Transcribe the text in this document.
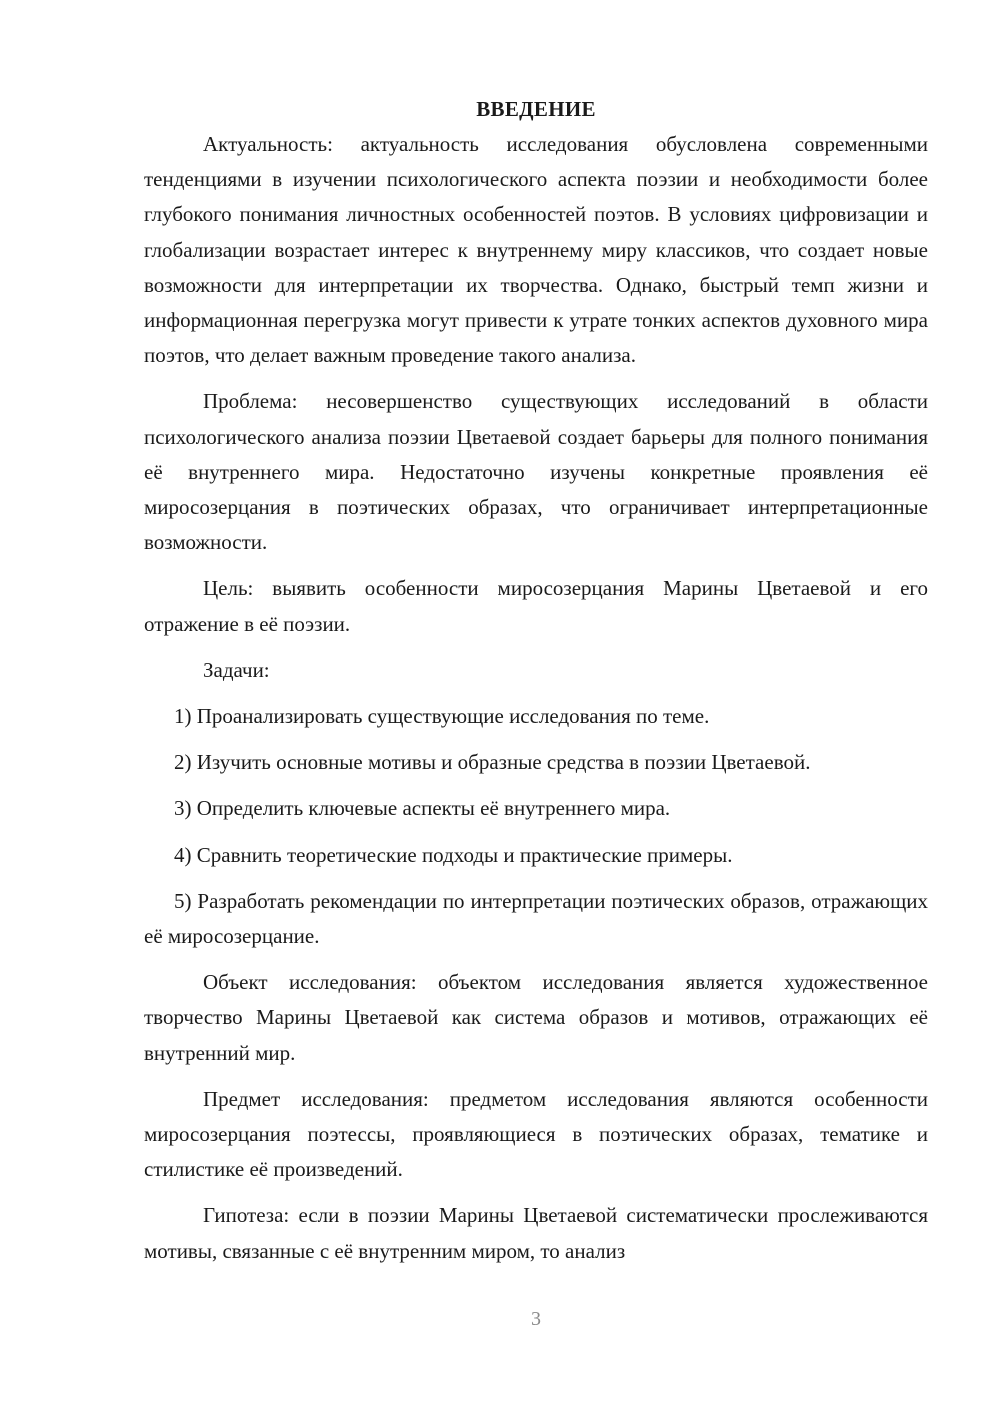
ВВЕДЕНИЕ

Актуальность: актуальность исследования обусловлена современными тенденциями в изучении психологического аспекта поэзии и необходимости более глубокого понимания личностных особенностей поэтов. В условиях цифровизации и глобализации возрастает интерес к внутреннему миру классиков, что создает новые возможности для интерпретации их творчества. Однако, быстрый темп жизни и информационная перегрузка могут привести к утрате тонких аспектов духовного мира поэтов, что делает важным проведение такого анализа.

Проблема: несовершенство существующих исследований в области психологического анализа поэзии Цветаевой создает барьеры для полного понимания её внутреннего мира. Недостаточно изучены конкретные проявления её миросозерцания в поэтических образах, что ограничивает интерпретационные возможности.

Цель: выявить особенности миросозерцания Марины Цветаевой и его отражение в её поэзии.

Задачи:

1) Проанализировать существующие исследования по теме.

2) Изучить основные мотивы и образные средства в поэзии Цветаевой.

3) Определить ключевые аспекты её внутреннего мира.

4) Сравнить теоретические подходы и практические примеры.

5) Разработать рекомендации по интерпретации поэтических образов, отражающих её миросозерцание.

Объект исследования: объектом исследования является художественное творчество Марины Цветаевой как система образов и мотивов, отражающих её внутренний мир.

Предмет исследования: предметом исследования являются особенности миросозерцания поэтессы, проявляющиеся в поэтических образах, тематике и стилистике её произведений.

Гипотеза: если в поэзии Марины Цветаевой систематически прослеживаются мотивы, связанные с её внутренним миром, то анализ

3
